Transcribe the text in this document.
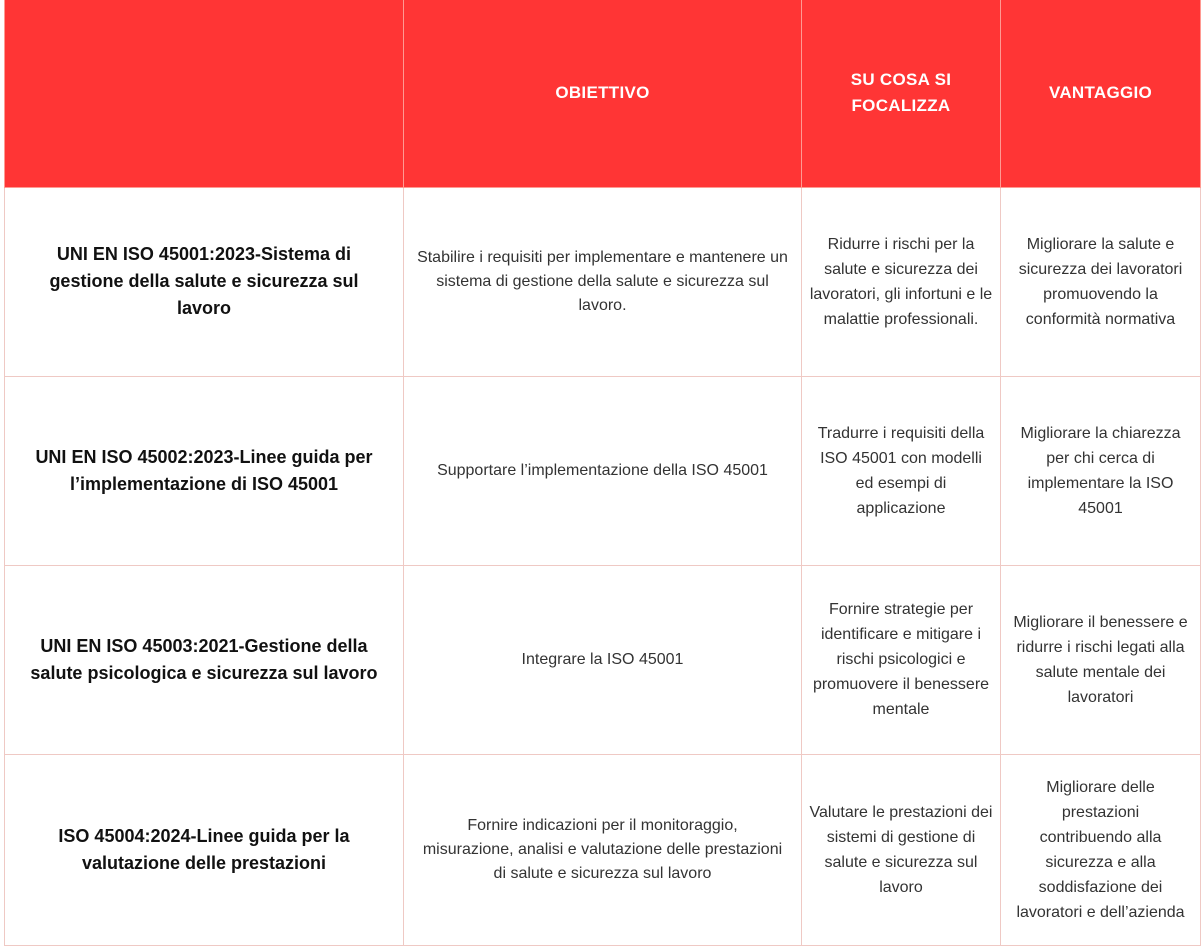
	OBIETTIVO	SU COSA SI FOCALIZZA	VANTAGGIO
UNI EN ISO 45001:2023-Sistema di gestione della salute e sicurezza sul lavoro	Stabilire i requisiti per implementare e mantenere un sistema di gestione della salute e sicurezza sul lavoro.	Ridurre i rischi per la salute e sicurezza dei lavoratori, gli infortuni e le malattie professionali.	Migliorare la salute e sicurezza dei lavoratori promuovendo la conformità normativa
UNI EN ISO 45002:2023-Linee guida per l’implementazione di ISO 45001	Supportare l’implementazione della ISO 45001	Tradurre i requisiti della ISO 45001 con modelli ed esempi di applicazione	Migliorare la chiarezza per chi cerca di implementare la ISO 45001
UNI EN ISO 45003:2021-Gestione della salute psicologica e sicurezza sul lavoro	Integrare la ISO 45001	Fornire strategie per identificare e mitigare i rischi psicologici e promuovere il benessere mentale	Migliorare il benessere e ridurre i rischi legati alla salute mentale dei lavoratori
ISO 45004:2024-Linee guida per la valutazione delle prestazioni	Fornire indicazioni per il monitoraggio, misurazione, analisi e valutazione delle prestazioni di salute e sicurezza sul lavoro	Valutare le prestazioni dei sistemi di gestione di salute e sicurezza sul lavoro	Migliorare delle prestazioni contribuendo alla sicurezza e alla soddisfazione dei lavoratori e dell’azienda
